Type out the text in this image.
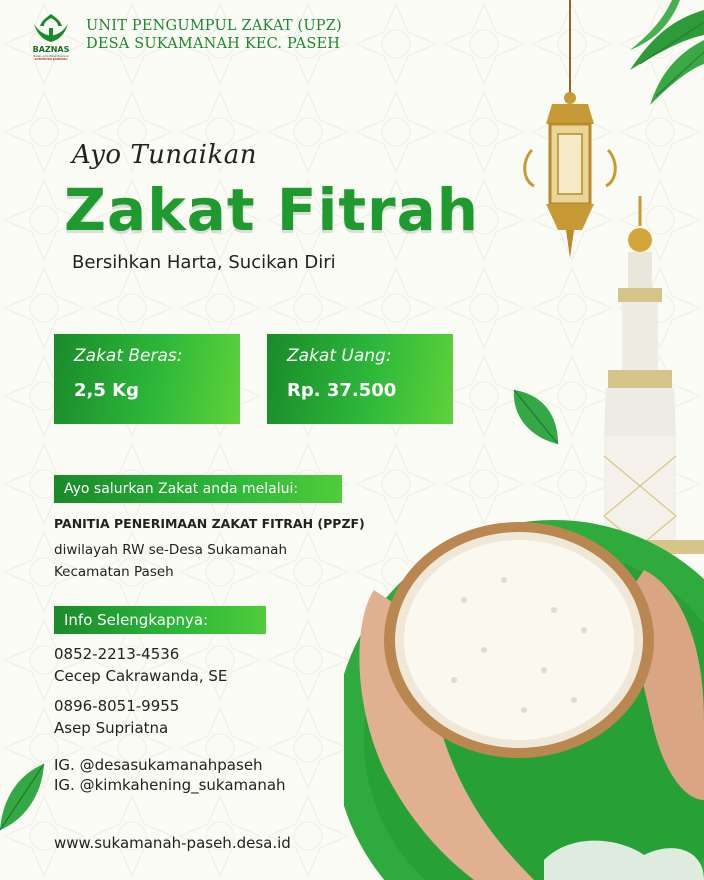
BAZNAS
Badan Amil Zakat Nasional
KABUPATEN BANDUNG
UNIT PENGUMPUL ZAKAT (UPZ)
DESA SUKAMANAH KEC. PASEH
Ayo Tunaikan
Zakat Fitrah
Bersihkan Harta, Sucikan Diri
Zakat Beras:
2,5 Kg
Zakat Uang:
Rp. 37.500
Ayo salurkan Zakat anda melalui:
PANITIA PENERIMAAN ZAKAT FITRAH (PPZF)
diwilayah RW se-Desa Sukamanah
Kecamatan Paseh
Info Selengkapnya:
0852-2213-4536
Cecep Cakrawanda, SE
0896-8051-9955
Asep Supriatna
IG. @desasukamanahpaseh
IG. @kimkahening_sukamanah
www.sukamanah-paseh.desa.id
